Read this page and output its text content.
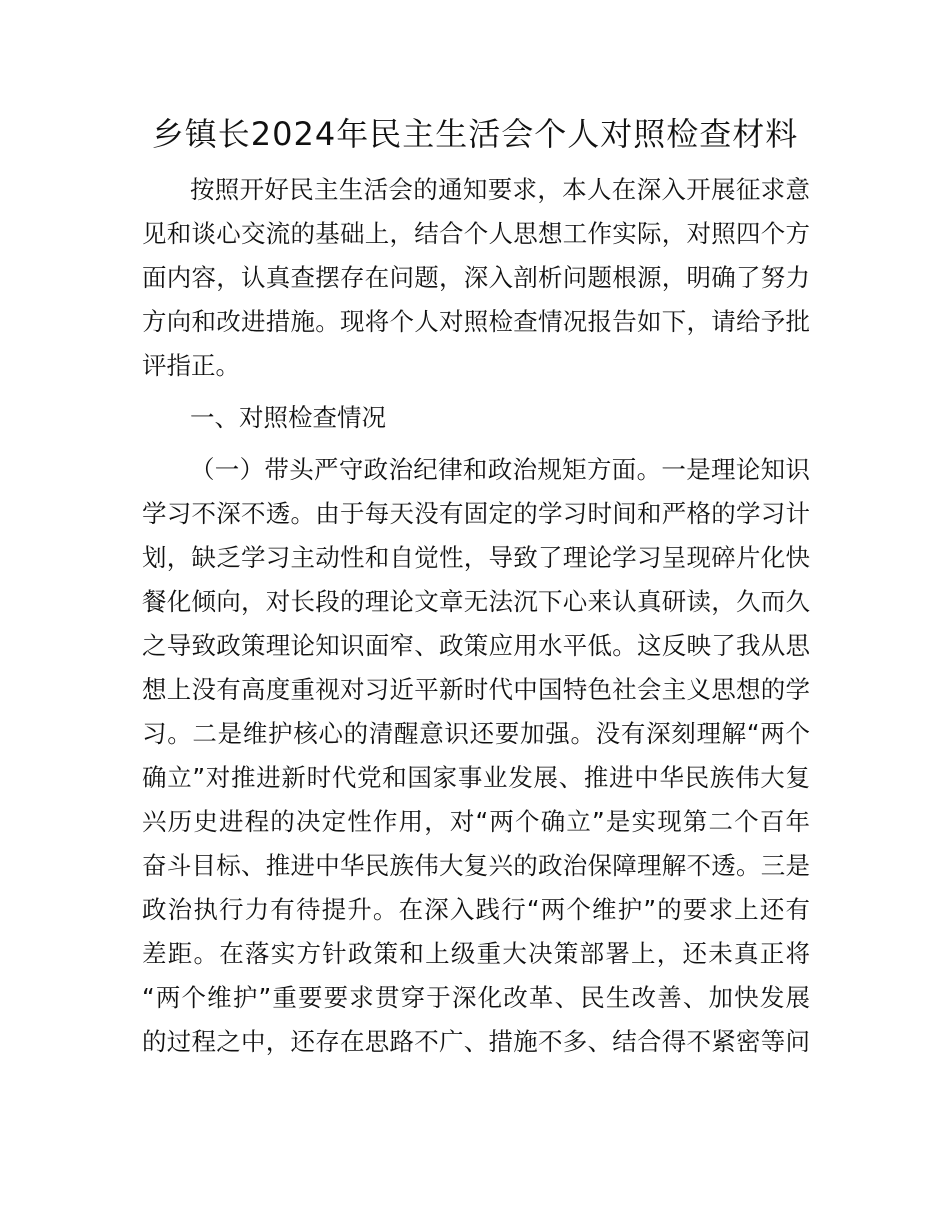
乡镇长2024年民主生活会个人对照检查材料
按照开好民主生活会的通知要求，本人在深入开展征求意
见和谈心交流的基础上，结合个人思想工作实际，对照四个方
面内容，认真查摆存在问题，深入剖析问题根源，明确了努力
方向和改进措施。现将个人对照检查情况报告如下，请给予批
评指正。
一、对照检查情况
（一）带头严守政治纪律和政治规矩方面。一是理论知识
学习不深不透。由于每天没有固定的学习时间和严格的学习计
划，缺乏学习主动性和自觉性，导致了理论学习呈现碎片化快
餐化倾向，对长段的理论文章无法沉下心来认真研读，久而久
之导致政策理论知识面窄、政策应用水平低。这反映了我从思
想上没有高度重视对习近平新时代中国特色社会主义思想的学
习。二是维护核心的清醒意识还要加强。没有深刻理解“两个
确立”对推进新时代党和国家事业发展、推进中华民族伟大复
兴历史进程的决定性作用，对“两个确立”是实现第二个百年
奋斗目标、推进中华民族伟大复兴的政治保障理解不透。三是
政治执行力有待提升。在深入践行“两个维护”的要求上还有
差距。在落实方针政策和上级重大决策部署上，还未真正将
“两个维护”重要要求贯穿于深化改革、民生改善、加快发展
的过程之中，还存在思路不广、措施不多、结合得不紧密等问
